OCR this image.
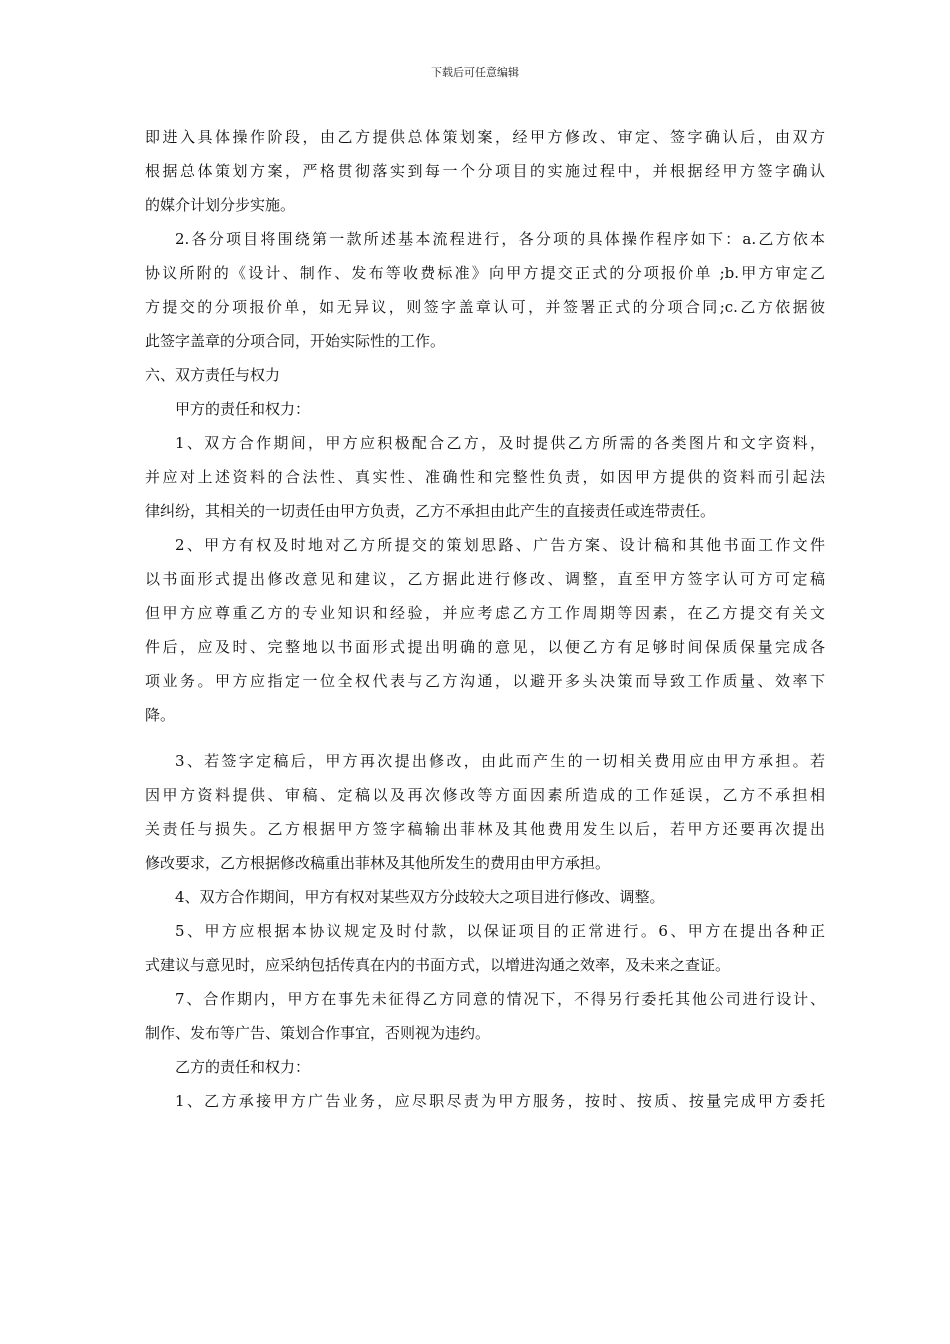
下载后可任意编辑
即进入具体操作阶段，由乙方提供总体策划案，经甲方修改、审定、签字确认后，由双方
根据总体策划方案，严格贯彻落实到每一个分项目的实施过程中，并根据经甲方签字确认
的媒介计划分步实施。
2.各分项目将围绕第一款所述基本流程进行，各分项的具体操作程序如下：a.乙方依本
协议所附的《设计、制作、发布等收费标准》向甲方提交正式的分项报价单 ;b.甲方审定乙
方提交的分项报价单，如无异议，则签字盖章认可，并签署正式的分项合同;c.乙方依据彼
此签字盖章的分项合同，开始实际性的工作。
六、双方责任与权力
甲方的责任和权力：
1、双方合作期间，甲方应积极配合乙方，及时提供乙方所需的各类图片和文字资料，
并应对上述资料的合法性、真实性、准确性和完整性负责，如因甲方提供的资料而引起法
律纠纷，其相关的一切责任由甲方负责，乙方不承担由此产生的直接责任或连带责任。
2、甲方有权及时地对乙方所提交的策划思路、广告方案、设计稿和其他书面工作文件
以书面形式提出修改意见和建议，乙方据此进行修改、调整，直至甲方签字认可方可定稿
但甲方应尊重乙方的专业知识和经验，并应考虑乙方工作周期等因素，在乙方提交有关文
件后，应及时、完整地以书面形式提出明确的意见，以便乙方有足够时间保质保量完成各
项业务。甲方应指定一位全权代表与乙方沟通，以避开多头决策而导致工作质量、效率下
降。
3、若签字定稿后，甲方再次提出修改，由此而产生的一切相关费用应由甲方承担。若
因甲方资料提供、审稿、定稿以及再次修改等方面因素所造成的工作延误，乙方不承担相
关责任与损失。乙方根据甲方签字稿输出菲林及其他费用发生以后，若甲方还要再次提出
修改要求，乙方根据修改稿重出菲林及其他所发生的费用由甲方承担。
4、双方合作期间，甲方有权对某些双方分歧较大之项目进行修改、调整。
5、甲方应根据本协议规定及时付款，以保证项目的正常进行。6、甲方在提出各种正
式建议与意见时，应采纳包括传真在内的书面方式，以增进沟通之效率，及未来之查证。
7、合作期内，甲方在事先未征得乙方同意的情况下，不得另行委托其他公司进行设计、
制作、发布等广告、策划合作事宜，否则视为违约。
乙方的责任和权力：
1、乙方承接甲方广告业务，应尽职尽责为甲方服务，按时、按质、按量完成甲方委托
